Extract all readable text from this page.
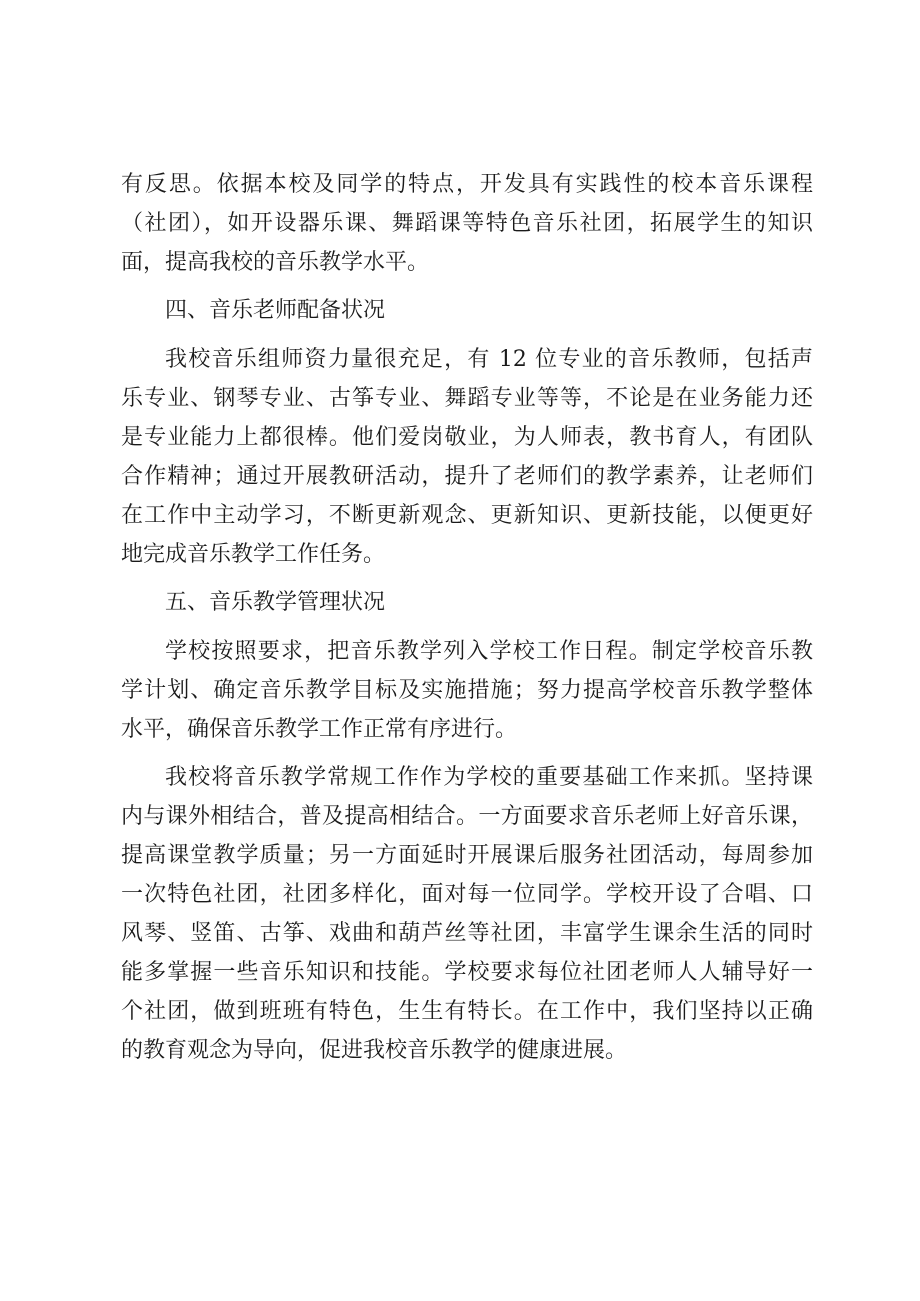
有反思。依据本校及同学的特点，开发具有实践性的校本音乐课程
（社团），如开设器乐课、舞蹈课等特色音乐社团，拓展学生的知识
面，提高我校的音乐教学水平。
四、音乐老师配备状况
我校音乐组师资力量很充足，有 12 位专业的音乐教师，包括声
乐专业、钢琴专业、古筝专业、舞蹈专业等等，不论是在业务能力还
是专业能力上都很棒。他们爱岗敬业，为人师表，教书育人，有团队
合作精神；通过开展教研活动，提升了老师们的教学素养，让老师们
在工作中主动学习，不断更新观念、更新知识、更新技能，以便更好
地完成音乐教学工作任务。
五、音乐教学管理状况
学校按照要求，把音乐教学列入学校工作日程。制定学校音乐教
学计划、确定音乐教学目标及实施措施；努力提高学校音乐教学整体
水平，确保音乐教学工作正常有序进行。
我校将音乐教学常规工作作为学校的重要基础工作来抓。坚持课
内与课外相结合，普及提高相结合。一方面要求音乐老师上好音乐课，
提高课堂教学质量；另一方面延时开展课后服务社团活动，每周参加
一次特色社团，社团多样化，面对每一位同学。学校开设了合唱、口
风琴、竖笛、古筝、戏曲和葫芦丝等社团，丰富学生课余生活的同时
能多掌握一些音乐知识和技能。学校要求每位社团老师人人辅导好一
个社团，做到班班有特色，生生有特长。在工作中，我们坚持以正确
的教育观念为导向，促进我校音乐教学的健康进展。
